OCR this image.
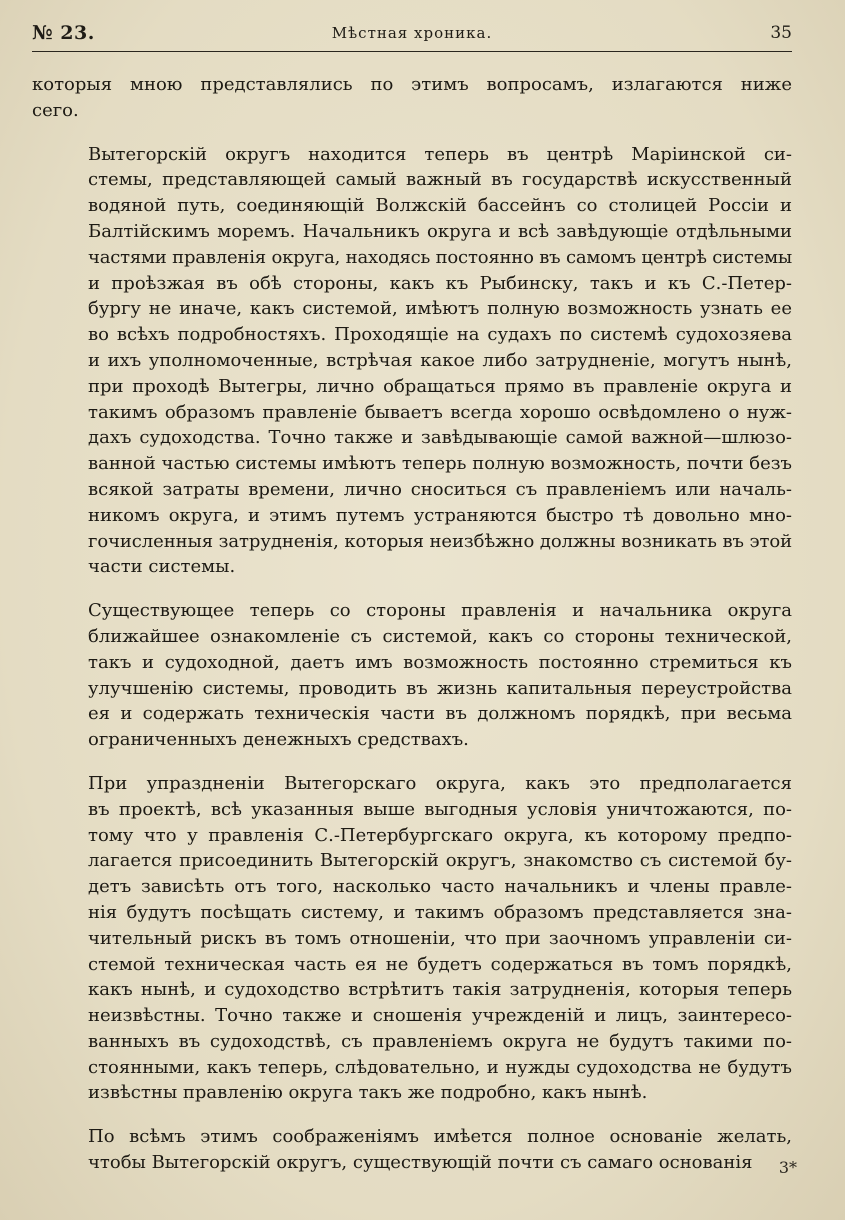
№ 23.	Мѣстная хроника.	35
которыя мною представлялись по этимъ вопросамъ, излагаются ниже
сего.
Вытегорскій округъ находится теперь въ центрѣ Маріинской си-
стемы, представляющей самый важный въ государствѣ искусственный
водяной путь, соединяющій Волжскій бассейнъ со столицей Россіи и
Балтійскимъ моремъ. Начальникъ округа и всѣ завѣдующіе отдѣльными
частями правленія округа, находясь постоянно въ самомъ центрѣ системы
и проѣзжая въ обѣ стороны, какъ къ Рыбинску, такъ и къ С.-Петер-
бургу не иначе, какъ системой, имѣютъ полную возможность узнать ее
во всѣхъ подробностяхъ. Проходящіе на судахъ по системѣ судохозяева
и ихъ уполномоченные, встрѣчая какое либо затрудненіе, могутъ нынѣ,
при проходѣ Вытегры, лично обращаться прямо въ правленіе округа и
такимъ образомъ правленіе бываетъ всегда хорошо освѣдомлено о нуж-
дахъ судоходства. Точно также и завѣдывающіе самой важной—шлюзо-
ванной частью системы имѣютъ теперь полную возможность, почти безъ
всякой затраты времени, лично сноситься съ правленіемъ или началь-
никомъ округа, и этимъ путемъ устраняются быстро тѣ довольно мно-
гочисленныя затрудненія, которыя неизбѣжно должны возникать въ этой
части системы.
Существующее теперь со стороны правленія и начальника округа
ближайшее ознакомленіе съ системой, какъ со стороны технической,
такъ и судоходной, даетъ имъ возможность постоянно стремиться къ
улучшенію системы, проводить въ жизнь капитальныя переустройства
ея и содержать техническія части въ должномъ порядкѣ, при весьма
ограниченныхъ денежныхъ средствахъ.
При упраздненіи Вытегорскаго округа, какъ это предполагается
въ проектѣ, всѣ указанныя выше выгодныя условія уничтожаются, по-
тому что у правленія С.-Петербургскаго округа, къ которому предпо-
лагается присоединить Вытегорскій округъ, знакомство съ системой бу-
детъ зависѣть отъ того, насколько часто начальникъ и члены правле-
нія будутъ посѣщать систему, и такимъ образомъ представляется зна-
чительный рискъ въ томъ отношеніи, что при заочномъ управленіи си-
стемой техническая часть ея не будетъ содержаться въ томъ порядкѣ,
какъ нынѣ, и судоходство встрѣтитъ такія затрудненія, которыя теперь
неизвѣстны. Точно также и сношенія учрежденій и лицъ, заинтересо-
ванныхъ въ судоходствѣ, съ правленіемъ округа не будутъ такими по-
стоянными, какъ теперь, слѣдовательно, и нужды судоходства не будутъ
извѣстны правленію округа такъ же подробно, какъ нынѣ.
По всѣмъ этимъ соображеніямъ имѣется полное основаніе желать,
чтобы Вытегорскій округъ, существующій почти съ самаго основанія	3*
